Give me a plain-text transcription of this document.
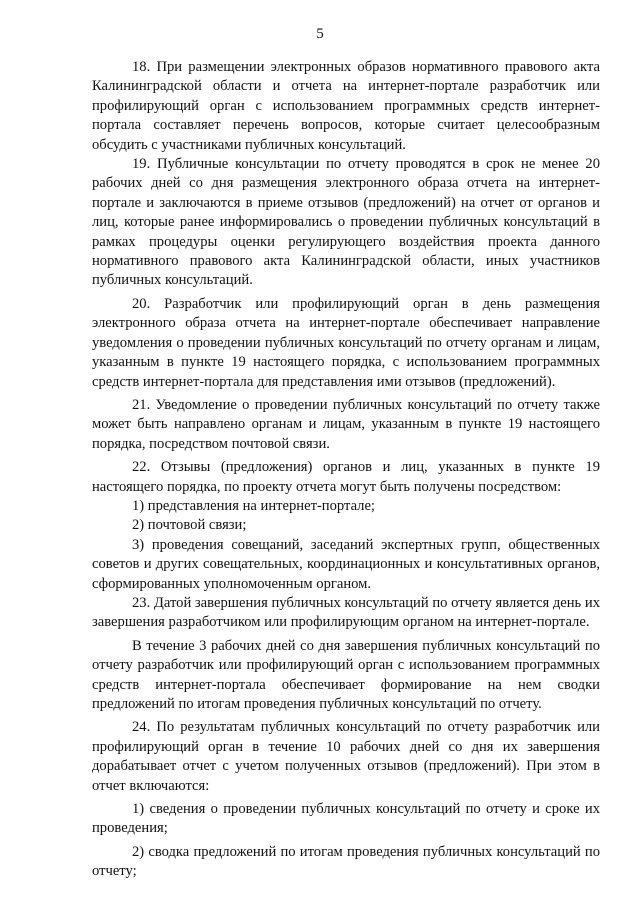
5

18. При размещении электронных образов нормативного правового акта Калининградской области и отчета на интернет-портале разработчик или профилирующий орган с использованием программных средств интернет-портала составляет перечень вопросов, которые считает целесообразным обсудить с участниками публичных консультаций.

19. Публичные консультации по отчету проводятся в срок не менее 20 рабочих дней со дня размещения электронного образа отчета на интернет-портале и заключаются в приеме отзывов (предложений) на отчет от органов и лиц, которые ранее информировались о проведении публичных консультаций в рамках процедуры оценки регулирующего воздействия проекта данного нормативного правового акта Калининградской области, иных участников публичных консультаций.

20. Разработчик или профилирующий орган в день размещения электронного образа отчета на интернет-портале обеспечивает направление уведомления о проведении публичных консультаций по отчету органам и лицам, указанным в пункте 19 настоящего порядка, с использованием программных средств интернет-портала для представления ими отзывов (предложений).

21. Уведомление о проведении публичных консультаций по отчету также может быть направлено органам и лицам, указанным в пункте 19 настоящего порядка, посредством почтовой связи.

22. Отзывы (предложения) органов и лиц, указанных в пункте 19 настоящего порядка, по проекту отчета могут быть получены посредством:

1) представления на интернет-портале;

2) почтовой связи;

3) проведения совещаний, заседаний экспертных групп, общественных советов и других совещательных, координационных и консультативных органов, сформированных уполномоченным органом.

23. Датой завершения публичных консультаций по отчету является день их завершения разработчиком или профилирующим органом на интернет-портале.

В течение 3 рабочих дней со дня завершения публичных консультаций по отчету разработчик или профилирующий орган с использованием программных средств интернет-портала обеспечивает формирование на нем сводки предложений по итогам проведения публичных консультаций по отчету.

24. По результатам публичных консультаций по отчету разработчик или профилирующий орган в течение 10 рабочих дней со дня их завершения дорабатывает отчет с учетом полученных отзывов (предложений). При этом в отчет включаются:

1) сведения о проведении публичных консультаций по отчету и сроке их проведения;

2) сводка предложений по итогам проведения публичных консультаций по отчету;
